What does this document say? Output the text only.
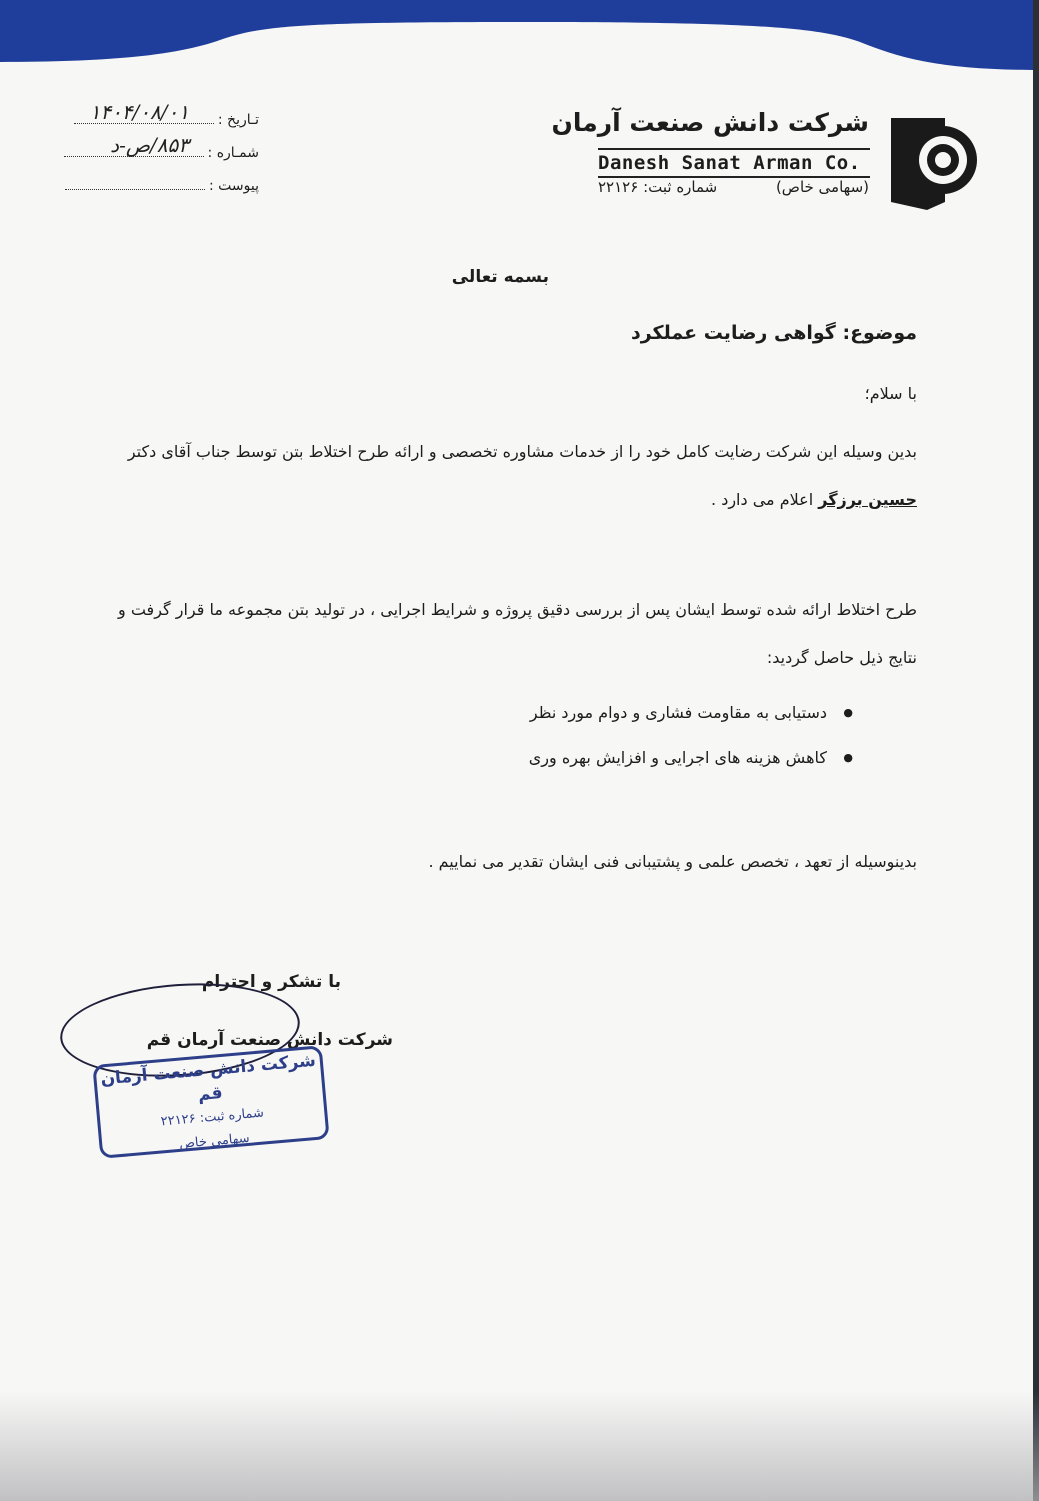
شرکت دانش صنعت آرمان
Danesh Sanat Arman Co.
(سهامی خاص)
شماره ثبت: ۲۲۱۲۶
تـاریخ :
۱۴۰۴/۰۸/۰۱
شمـاره :
۸۵۳/ص-د
پیوست :
بسمه تعالی
موضوع: گواهی رضایت عملکرد
با سلام؛
بدین وسیله این شرکت رضایت کامل خود را از خدمات مشاوره تخصصی و ارائه طرح اختلاط بتن توسط جناب آقای دکتر حسین برزگر اعلام می دارد .
طرح اختلاط ارائه شده توسط ایشان پس از بررسی دقیق پروژه و شرایط اجرایی ، در تولید بتن مجموعه ما قرار گرفت و نتایج ذیل حاصل گردید:
● دستیابی به مقاومت فشاری و دوام مورد نظر
● کاهش هزینه های اجرایی و افزایش بهره وری
بدینوسیله از تعهد ، تخصص علمی و پشتیبانی فنی ایشان تقدیر می نماییم .
با تشکر و احترام
شرکت دانش صنعت آرمان قم
شرکت دانش صنعت آرمان قم
شماره ثبت: ۲۲۱۲۶
سهامی خاص
